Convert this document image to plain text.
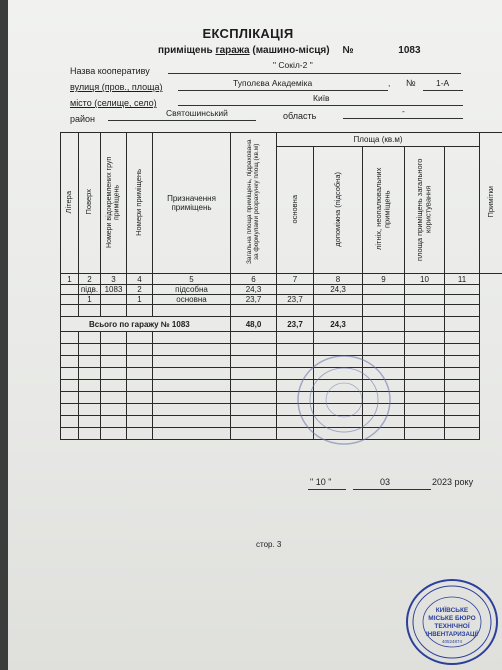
ЕКСПЛІКАЦІЯ
приміщень гаража (машино-місця) №	1083
Назва кооперативу
" Сокіл-2 "
вулиця (пров., площа)	Туполєва Академіка	, № 1-А
місто (селище, село)	Київ
район
Святошинський	область	-
Літера	Поверх	Номери відокремлених груп приміщень	Номери приміщень	Призначення приміщень	Загальна площа приміщень, підрахована за формулами розрахунку площ (кв.м)	Площа (кв.м)					Примітки
						основна	допоміжна (підсобна)	літніх, неопалювальних приміщень	площа приміщень загального користування		
1	2	3	4	5	6	7	8	9	10	11	
	підв.	1083	2	підсобна	24,3		24,3				
	1		1	основна	23,7	23,7					

Всього по гаражу № 1083					48,0	23,7	24,3				

" 10 "	03	2023 року
стор. 3
КИЇВСЬКЕ
МІСЬКЕ БЮРО
ТЕХНІЧНОЇ
ІНВЕНТАРИЗАЦІЇ
40524874
